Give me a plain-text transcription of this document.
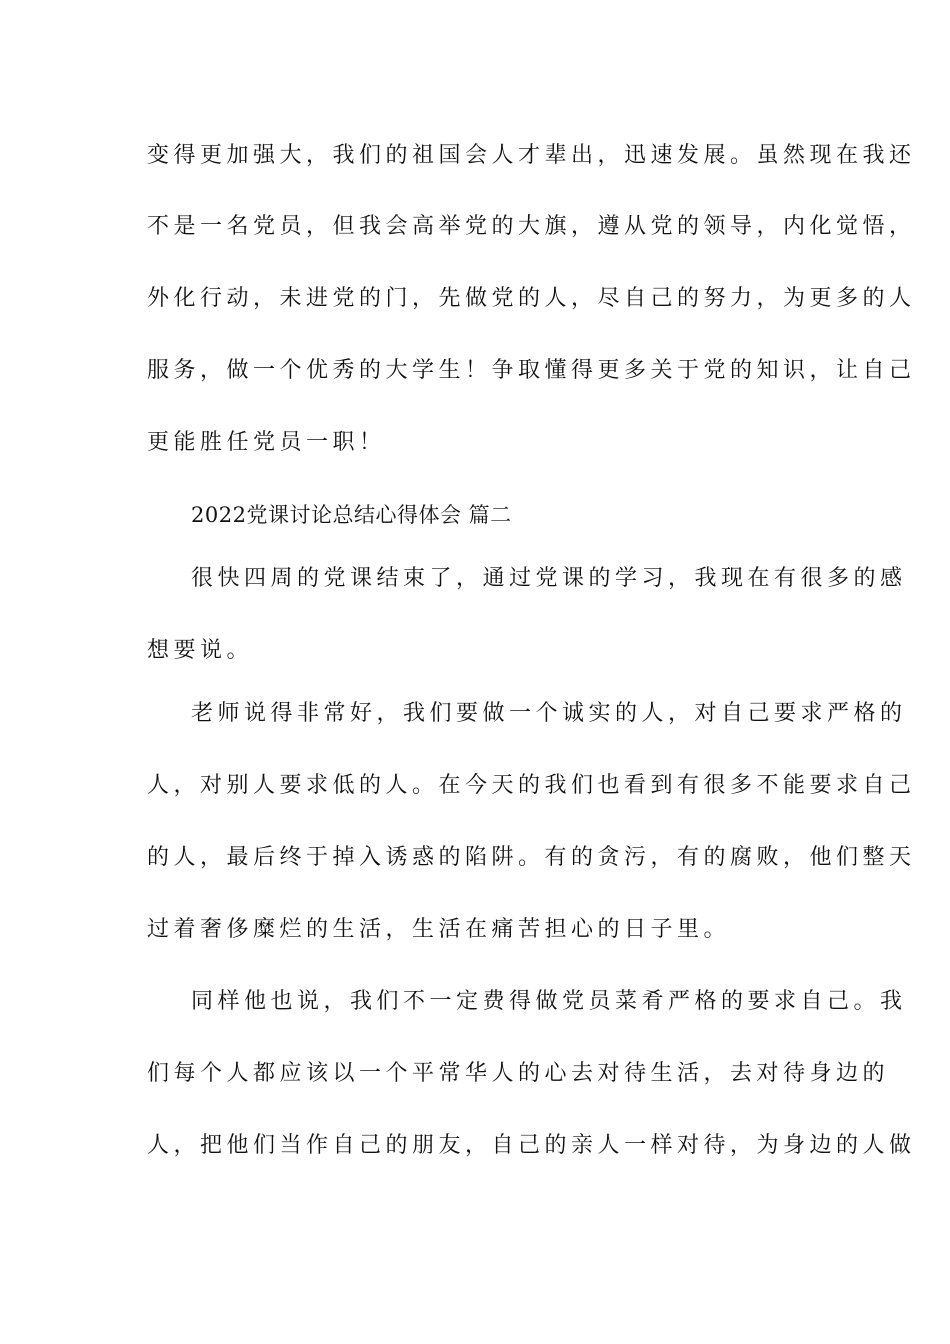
变得更加强大，我们的祖国会人才辈出，迅速发展。虽然现在我还
不是一名党员，但我会高举党的大旗，遵从党的领导，内化觉悟，
外化行动，未进党的门，先做党的人，尽自己的努力，为更多的人
服务，做一个优秀的大学生！争取懂得更多关于党的知识，让自己
更能胜任党员一职！
2022党课讨论总结心得体会 篇二
很快四周的党课结束了，通过党课的学习，我现在有很多的感
想要说。
老师说得非常好，我们要做一个诚实的人，对自己要求严格的
人，对别人要求低的人。在今天的我们也看到有很多不能要求自己
的人，最后终于掉入诱惑的陷阱。有的贪污，有的腐败，他们整天
过着奢侈糜烂的生活，生活在痛苦担心的日子里。
同样他也说，我们不一定费得做党员菜肴严格的要求自己。我
们每个人都应该以一个平常华人的心去对待生活，去对待身边的
人，把他们当作自己的朋友，自己的亲人一样对待，为身边的人做
